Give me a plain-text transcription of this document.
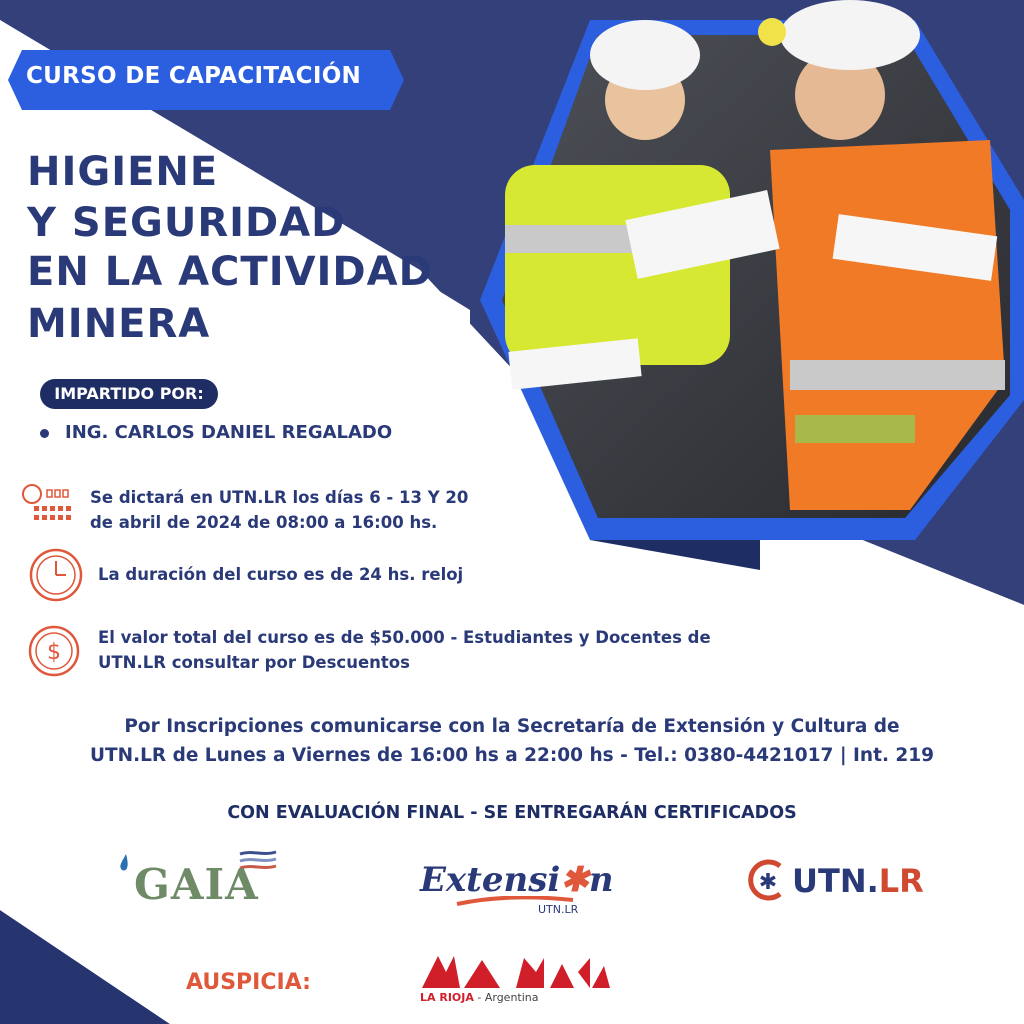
CURSO DE CAPACITACIÓN
HIGIENE
Y SEGURIDAD
EN LA ACTIVIDAD
MINERA
IMPARTIDO POR:
ING. CARLOS DANIEL REGALADO
Se dictará en UTN.LR los días 6 - 13 Y 20
de abril de 2024 de 08:00 a 16:00 hs.
La duración del curso es de 24 hs. reloj
$
El valor total del curso es de $50.000 - Estudiantes y Docentes de
UTN.LR consultar por Descuentos
Por Inscripciones comunicarse con la Secretaría de Extensión y Cultura de
UTN.LR de Lunes a Viernes de 16:00 hs a 22:00 hs - Tel.: 0380-4421017 | Int. 219
CON EVALUACIÓN FINAL - SE ENTREGARÁN CERTIFICADOS
GAIA	Extensi✱n
UTN.LR
✱ UTN.LR
AUSPICIA:
LA RIOJA - Argentina
